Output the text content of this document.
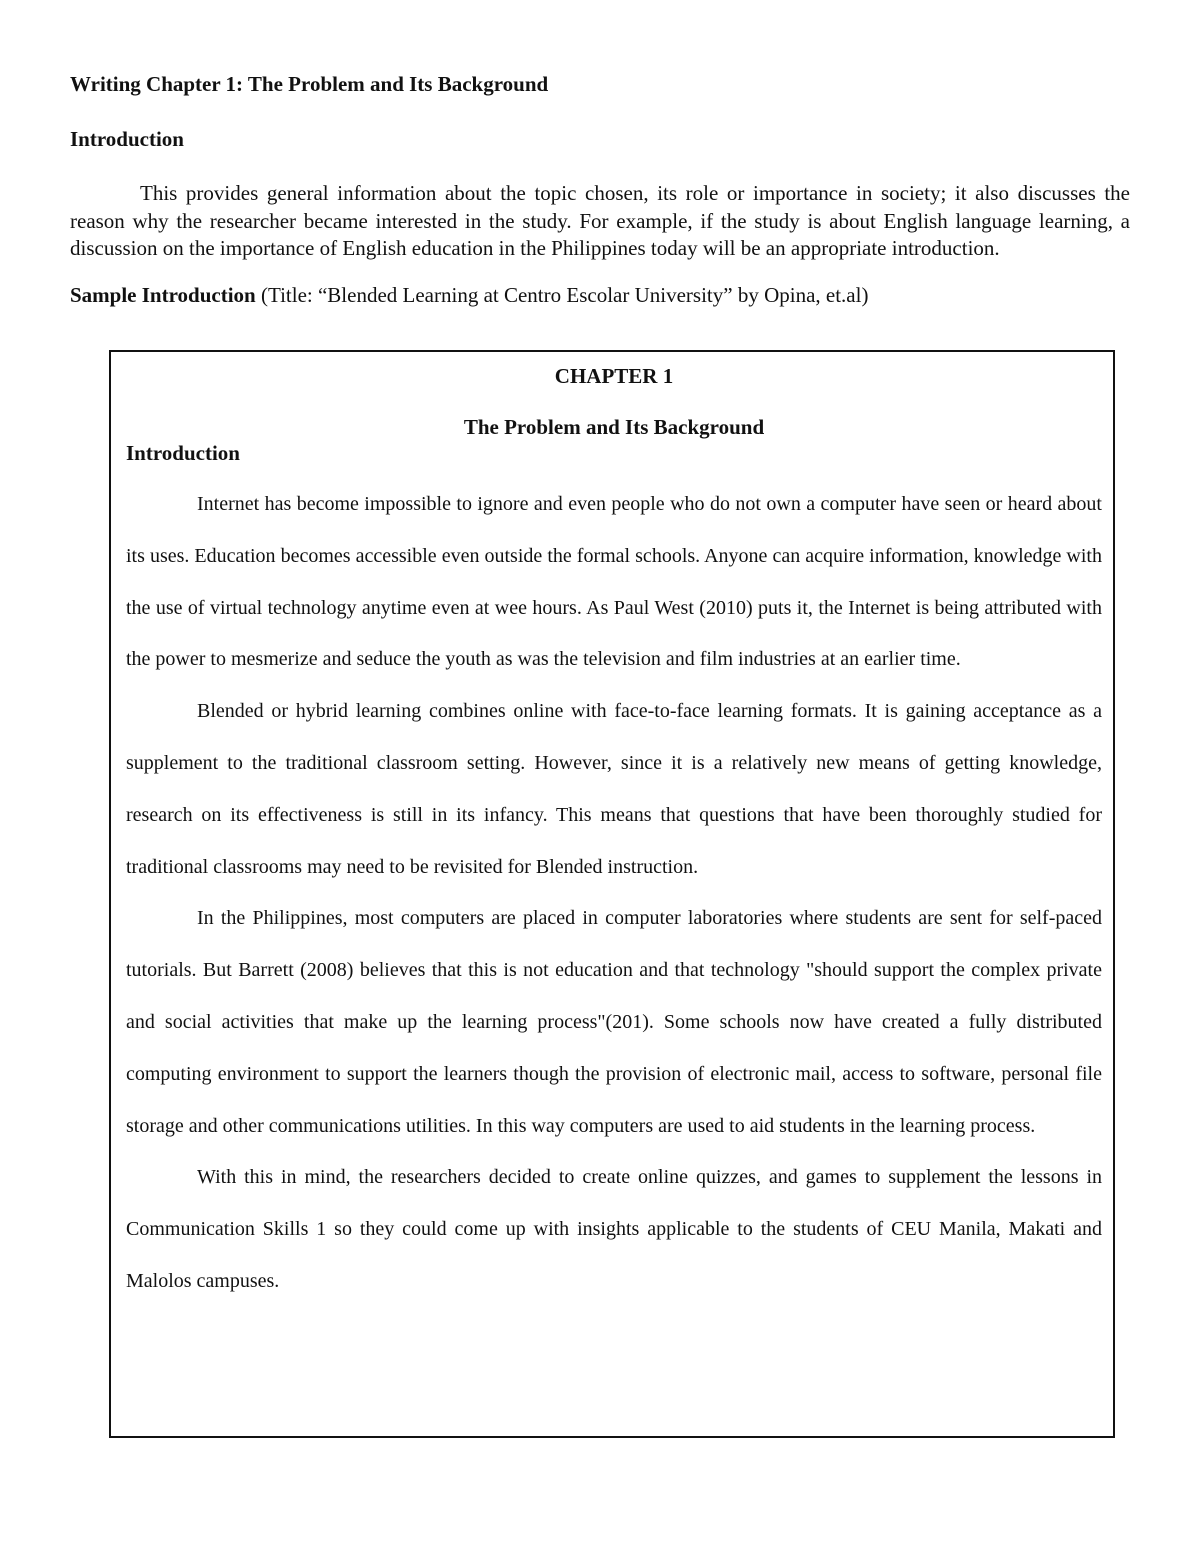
Writing Chapter 1: The Problem and Its Background

Introduction

This provides general information about the topic chosen, its role or importance in society; it also discusses the reason why the researcher became interested in the study. For example, if the study is about English language learning, a discussion on the importance of English education in the Philippines today will be an appropriate introduction.

Sample Introduction (Title: “Blended Learning at Centro Escolar University” by Opina, et.al)

CHAPTER 1

The Problem and Its Background

Introduction

Internet has become impossible to ignore and even people who do not own a computer have seen or heard about its uses. Education becomes accessible even outside the formal schools. Anyone can acquire information, knowledge with the use of virtual technology anytime even at wee hours. As Paul West (2010) puts it, the Internet is being attributed with the power to mesmerize and seduce the youth as was the television and film industries at an earlier time.

Blended or hybrid learning combines online with face-to-face learning formats. It is gaining acceptance as a supplement to the traditional classroom setting. However, since it is a relatively new means of getting knowledge, research on its effectiveness is still in its infancy. This means that questions that have been thoroughly studied for traditional classrooms may need to be revisited for Blended instruction.

In the Philippines, most computers are placed in computer laboratories where students are sent for self-paced tutorials. But Barrett (2008) believes that this is not education and that technology "should support the complex private and social activities that make up the learning process"(201). Some schools now have created a fully distributed computing environment to support the learners though the provision of electronic mail, access to software, personal file storage and other communications utilities. In this way computers are used to aid students in the learning process.

With this in mind, the researchers decided to create online quizzes, and games to supplement the lessons in Communication Skills 1 so they could come up with insights applicable to the students of CEU Manila, Makati and Malolos campuses.
